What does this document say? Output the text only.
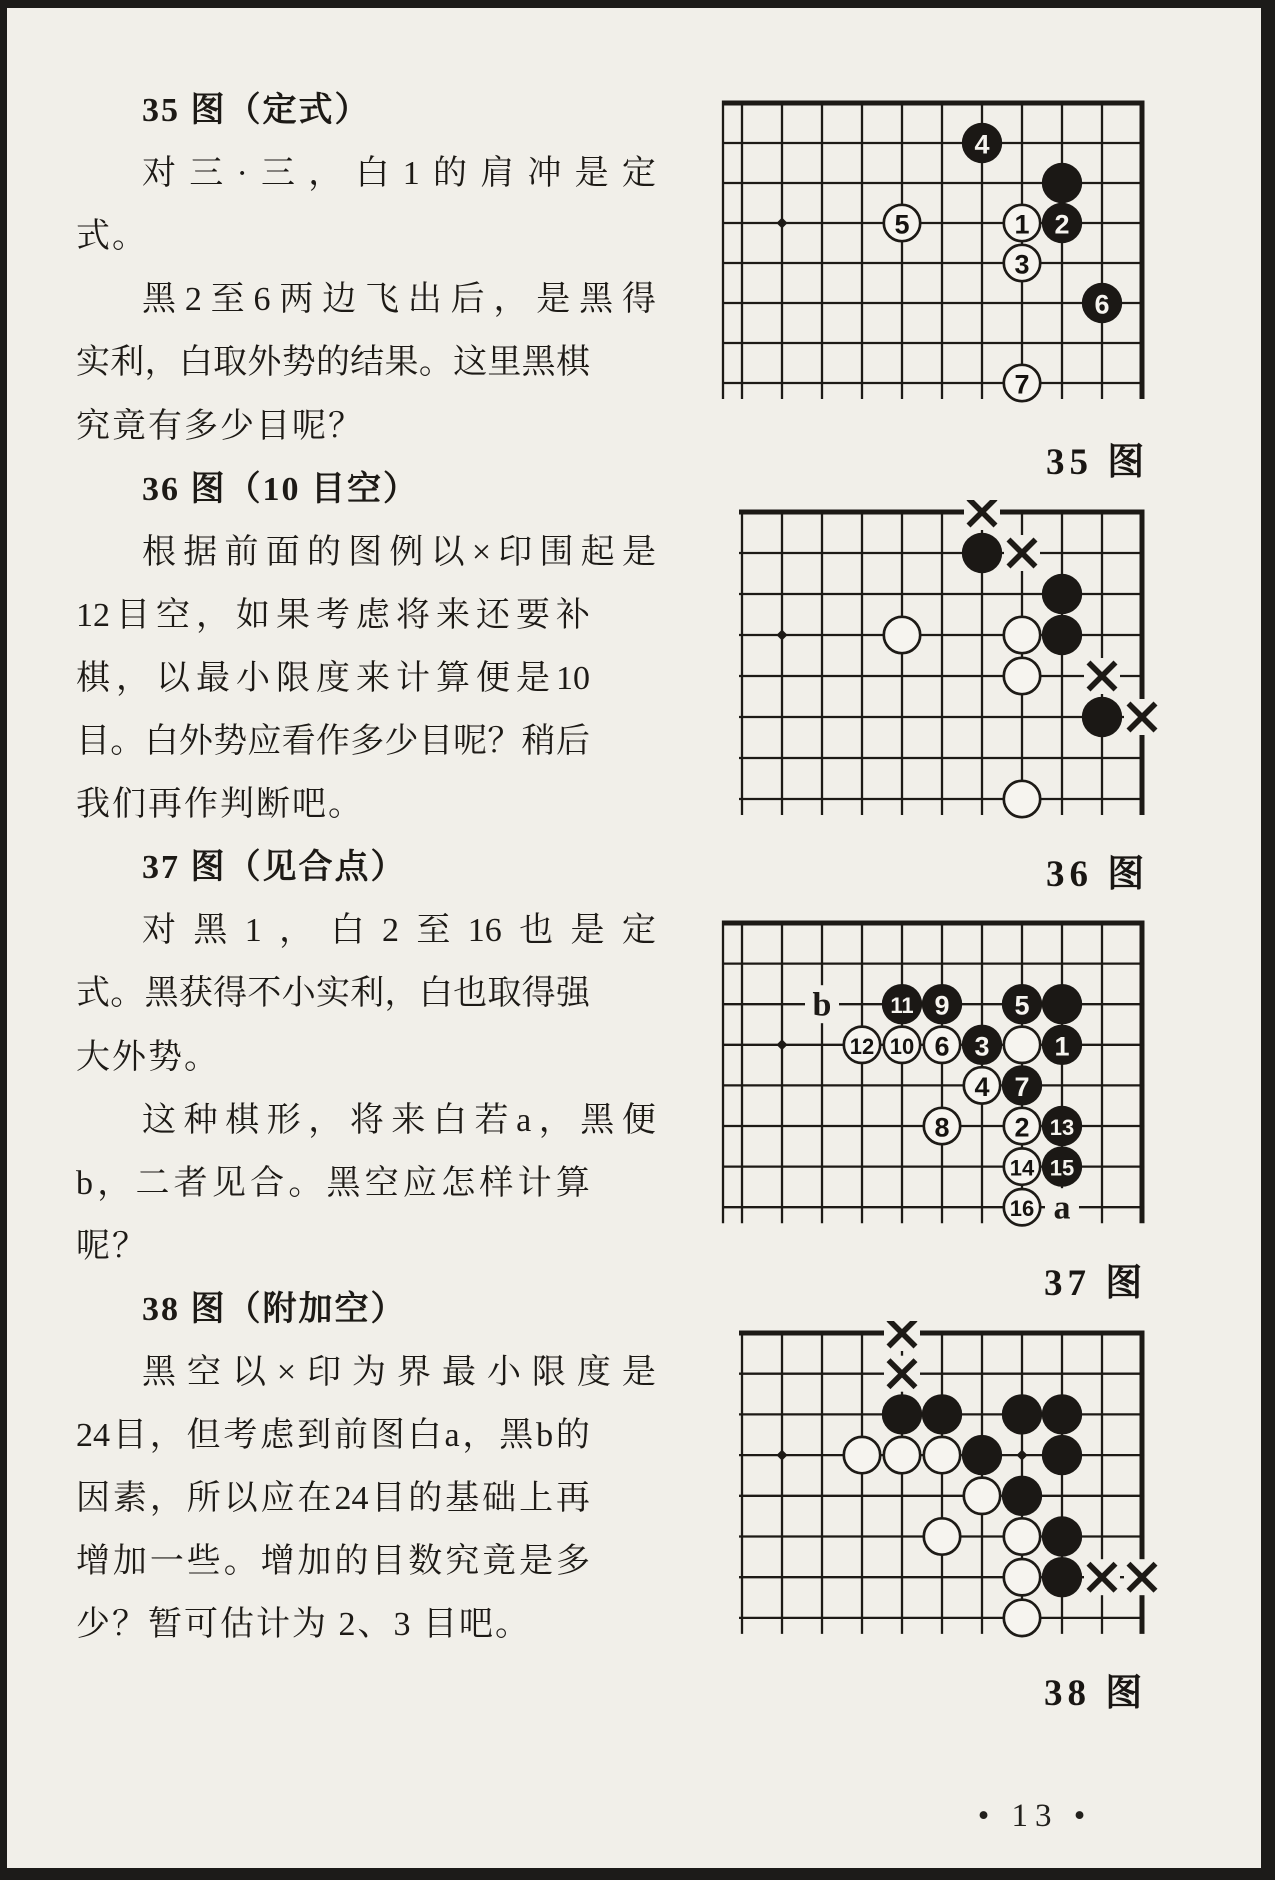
35 图（定式）
对 三 · 三 ， 白 1 的 肩 冲 是 定
式。
黑 2 至 6 两 边 飞 出 后 ， 是 黑 得
实 利 ， 白 取 外 势 的 结 果 。 这 里 黑 棋
究竟有多少目呢？
36 图（10 目空）
根 据 前 面 的 图 例 以 × 印 围 起 是
12 目 空 ， 如 果 考 虑 将 来 还 要 补
棋 ， 以 最 小 限 度 来 计 算 便 是 10
目 。 白 外 势 应 看 作 多 少 目 呢 ？ 稍 后
我们再作判断吧。
37 图（见合点）
对 黑 1 ， 白 2 至 16 也 是 定
式 。 黑 获 得 不 小 实 利 ， 白 也 取 得 强
大外势。
这 种 棋 形 ， 将 来 白 若 a ， 黑 便
b ， 二 者 见 合 。 黑 空 应 怎 样 计 算
呢？
38 图（附加空）
黑 空 以 × 印 为 界 最 小 限 度 是
24 目 ， 但 考 虑 到 前 图 白 a ， 黑 b 的
因 素 ， 所 以 应 在 24 目 的 基 础 上 再
增 加 一 些 。 增 加 的 目 数 究 竟 是 多
少？暂可估计为 2、3 目吧。
4
5	1 2
3
6
7
35 图
36 图
b
a
11 9 5
12 10 6 3 1
4 7
8 2 13
14 15
16
37 图
38 图
• 13 •
